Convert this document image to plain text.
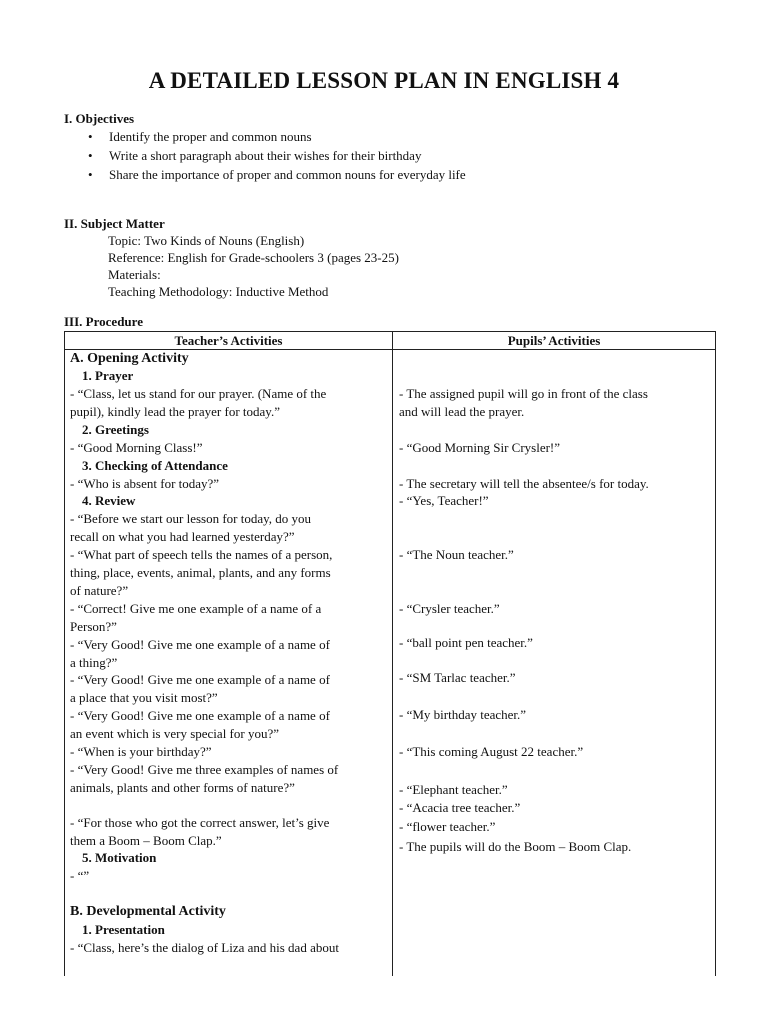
A DETAILED LESSON PLAN IN ENGLISH 4
I. Objectives
• Identify the proper and common nouns
• Write a short paragraph about their wishes for their birthday
• Share the importance of proper and common nouns for everyday life
II. Subject Matter
Topic: Two Kinds of Nouns (English)
Reference: English for Grade-schoolers 3 (pages 23-25)
Materials:
Teaching Methodology: Inductive Method
III. Procedure
Teacher’s Activities	Pupils’ Activities
A. Opening Activity
1. Prayer
- “Class, let us stand for our prayer. (Name of the
pupil), kindly lead the prayer for today.”
2. Greetings
- “Good Morning Class!”
3. Checking of Attendance
- “Who is absent for today?”
4. Review
- “Before we start our lesson for today, do you
recall on what you had learned yesterday?”
- “What part of speech tells the names of a person,
thing, place, events, animal, plants, and any forms
of nature?”
- “Correct! Give me one example of a name of a
Person?”
- “Very Good! Give me one example of a name of
a thing?”
- “Very Good! Give me one example of a name of
a place that you visit most?”
- “Very Good! Give me one example of a name of
an event which is very special for you?”
- “When is your birthday?”
- “Very Good! Give me three examples of names of
animals, plants and other forms of nature?”
- “For those who got the correct answer, let’s give
them a Boom – Boom Clap.”
5. Motivation
- “”
B. Developmental Activity
1. Presentation
- “Class, here’s the dialog of Liza and his dad about
- The assigned pupil will go in front of the class
and will lead the prayer.
- “Good Morning Sir Crysler!”
- The secretary will tell the absentee/s for today.
- “Yes, Teacher!”
- “The Noun teacher.”
- “Crysler teacher.”
- “ball point pen teacher.”
- “SM Tarlac teacher.”
- “My birthday teacher.”
- “This coming August 22 teacher.”
- “Elephant teacher.”
- “Acacia tree teacher.”
- “flower teacher.”
- The pupils will do the Boom – Boom Clap.
